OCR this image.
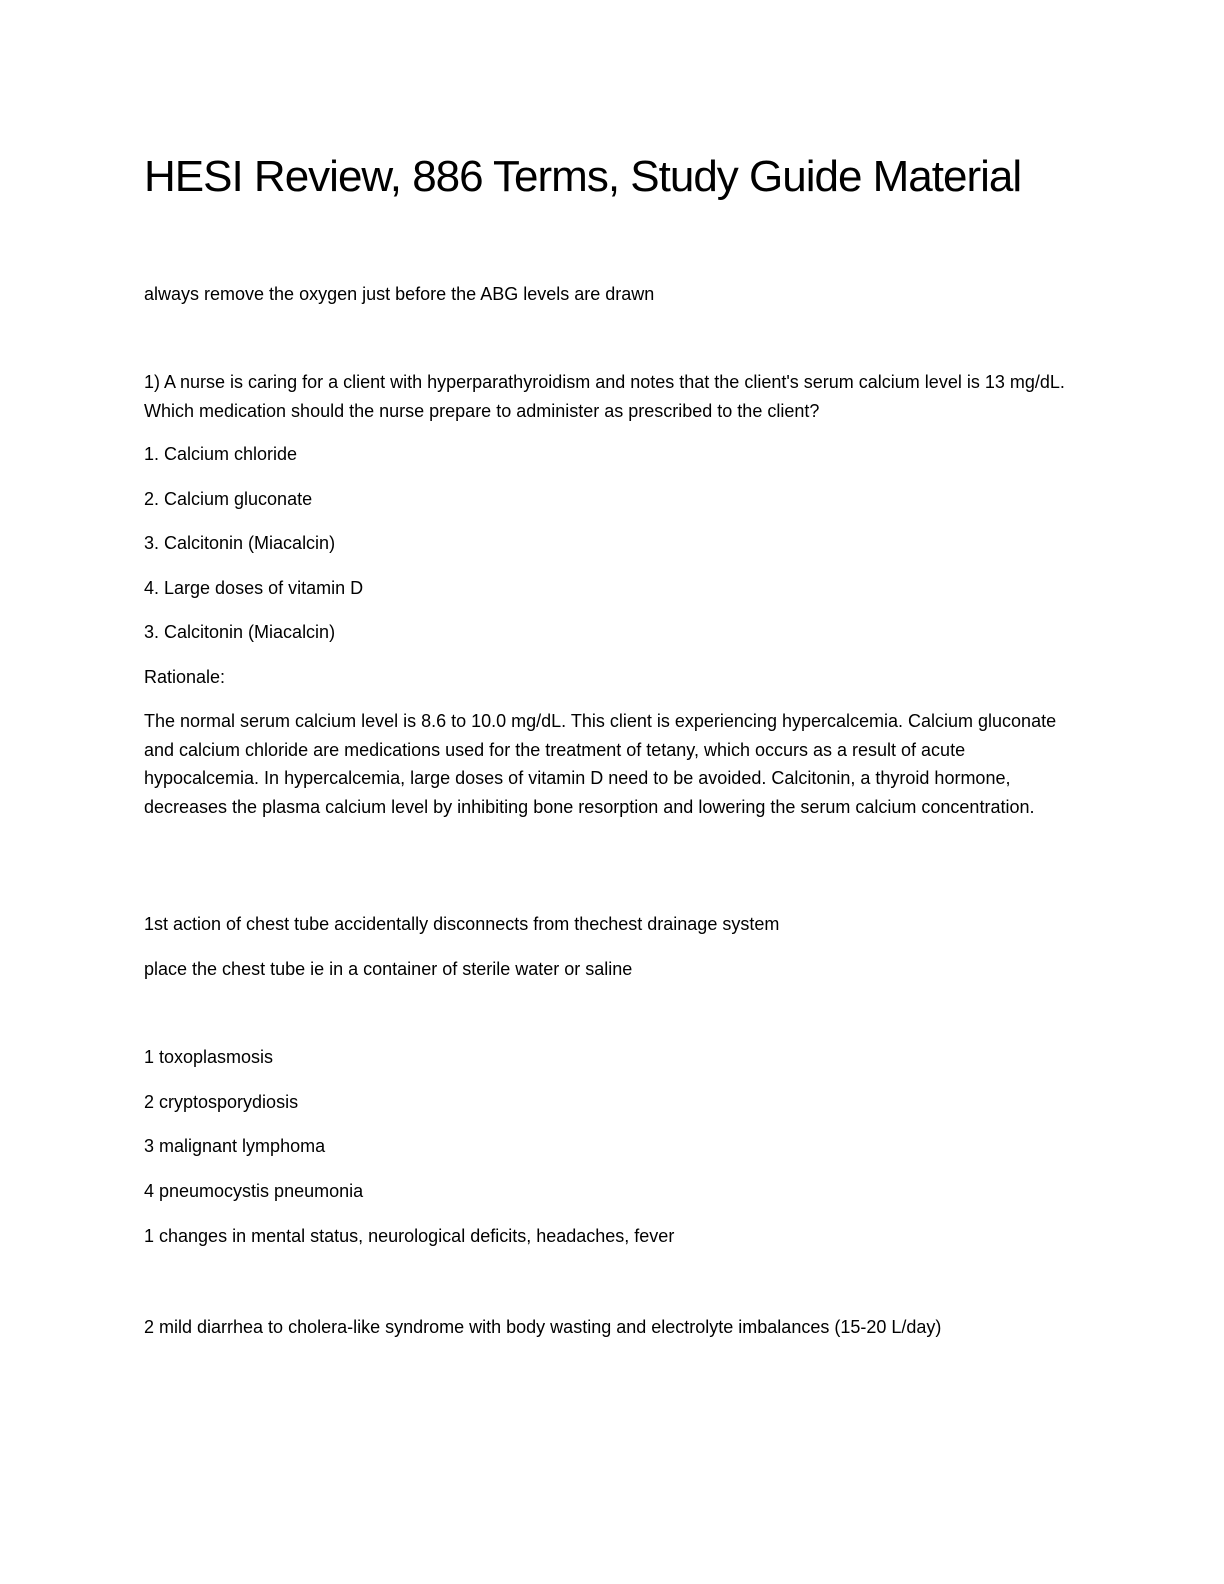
HESI Review, 886 Terms, Study Guide Material

always remove the oxygen just before the ABG levels are drawn

1) A nurse is caring for a client with hyperparathyroidism and notes that the client's serum calcium level is 13 mg/dL. Which medication should the nurse prepare to administer as prescribed to the client?

1. Calcium chloride

2. Calcium gluconate

3. Calcitonin (Miacalcin)

4. Large doses of vitamin D

3. Calcitonin (Miacalcin)

Rationale:

The normal serum calcium level is 8.6 to 10.0 mg/dL. This client is experiencing hypercalcemia. Calcium gluconate and calcium chloride are medications used for the treatment of tetany, which occurs as a result of acute hypocalcemia. In hypercalcemia, large doses of vitamin D need to be avoided. Calcitonin, a thyroid hormone, decreases the plasma calcium level by inhibiting bone resorption and lowering the serum calcium concentration.

1st action of chest tube accidentally disconnects from thechest drainage system

place the chest tube ie in a container of sterile water or saline

1 toxoplasmosis

2 cryptosporydiosis

3 malignant lymphoma

4 pneumocystis pneumonia

1 changes in mental status, neurological deficits, headaches, fever

2 mild diarrhea to cholera-like syndrome with body wasting and electrolyte imbalances (15-20 L/day)
